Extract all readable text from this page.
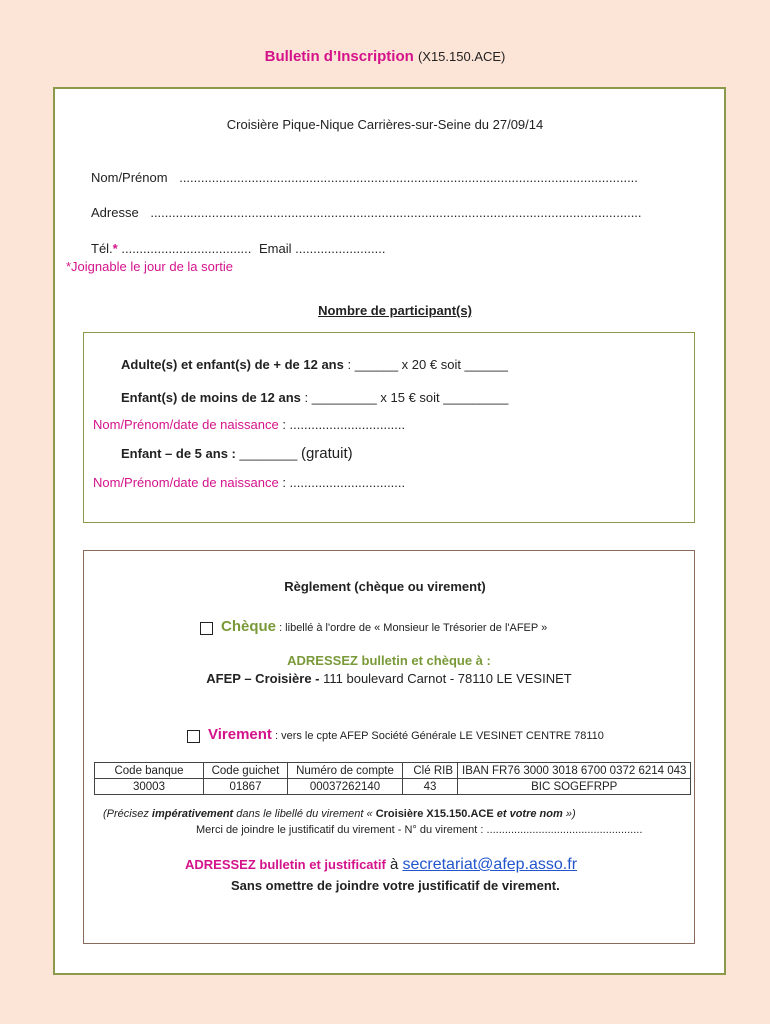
Bulletin d’Inscription (X15.150.ACE)
Croisière Pique-Nique Carrières-sur-Seine du 27/09/14
Nom/Prénom ...............................................................................................................................
Adresse ........................................................................................................................................
Tél.* .................................... Email .........................
*Joignable le jour de la sortie
Nombre de participant(s)
Adulte(s) et enfant(s) de + de 12 ans : ______ x 20 € soit ______
Enfant(s) de moins de 12 ans : _________ x 15 € soit _________
Nom/Prénom/date de naissance : ................................
Enfant – de 5 ans : ________ (gratuit)
Nom/Prénom/date de naissance : ................................
Règlement (chèque ou virement)
Chèque : libellé à l'ordre de « Monsieur le Trésorier de l'AFEP »
ADRESSEZ bulletin et chèque à :
AFEP – Croisière - 111 boulevard Carnot - 78110 LE VESINET
Virement : vers le cpte AFEP Société Générale LE VESINET CENTRE 78110
Code banque	Code guichet	Numéro de compte	Clé RIB	IBAN FR76 3000 3018 6700 0372 6214 043
30003	01867	00037262140	43	BIC SOGEFRPP
(Précisez impérativement dans le libellé du virement « Croisière X15.150.ACE et votre nom »)
Merci de joindre le justificatif du virement - N° du virement : ...................................................
ADRESSEZ bulletin et justificatif à secretariat@afep.asso.fr
Sans omettre de joindre votre justificatif de virement.
